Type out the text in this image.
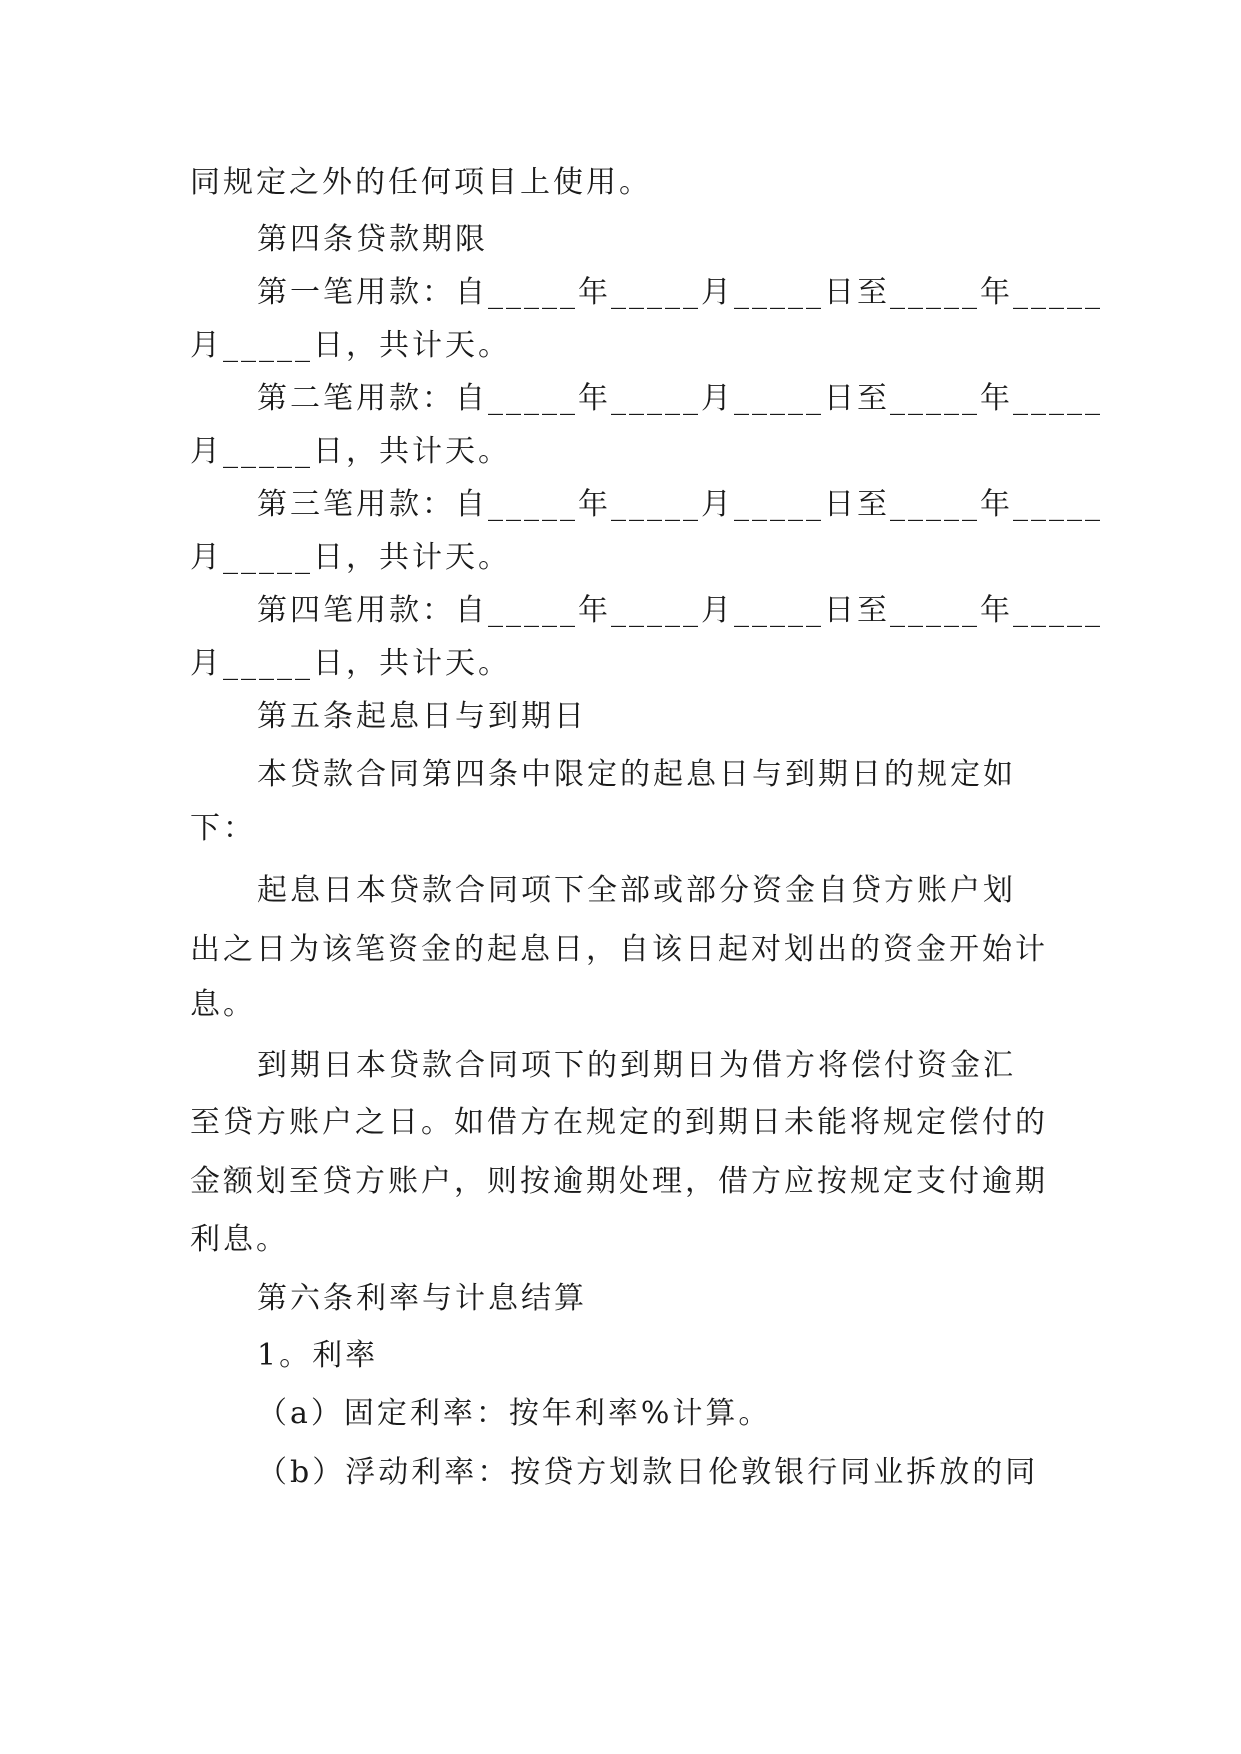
同规定之外的任何项目上使用。
第四条贷款期限
第一笔用款：自_____年_____月_____日至_____年_____
月_____日，共计天。
第二笔用款：自_____年_____月_____日至_____年_____
月_____日，共计天。
第三笔用款：自_____年_____月_____日至_____年_____
月_____日，共计天。
第四笔用款：自_____年_____月_____日至_____年_____
月_____日，共计天。
第五条起息日与到期日
本贷款合同第四条中限定的起息日与到期日的规定如
下：
起息日本贷款合同项下全部或部分资金自贷方账户划
出之日为该笔资金的起息日，自该日起对划出的资金开始计
息。
到期日本贷款合同项下的到期日为借方将偿付资金汇
至贷方账户之日。如借方在规定的到期日未能将规定偿付的
金额划至贷方账户，则按逾期处理，借方应按规定支付逾期
利息。
第六条利率与计息结算
1。利率
（a）固定利率：按年利率%计算。
（b）浮动利率：按贷方划款日伦敦银行同业拆放的同
